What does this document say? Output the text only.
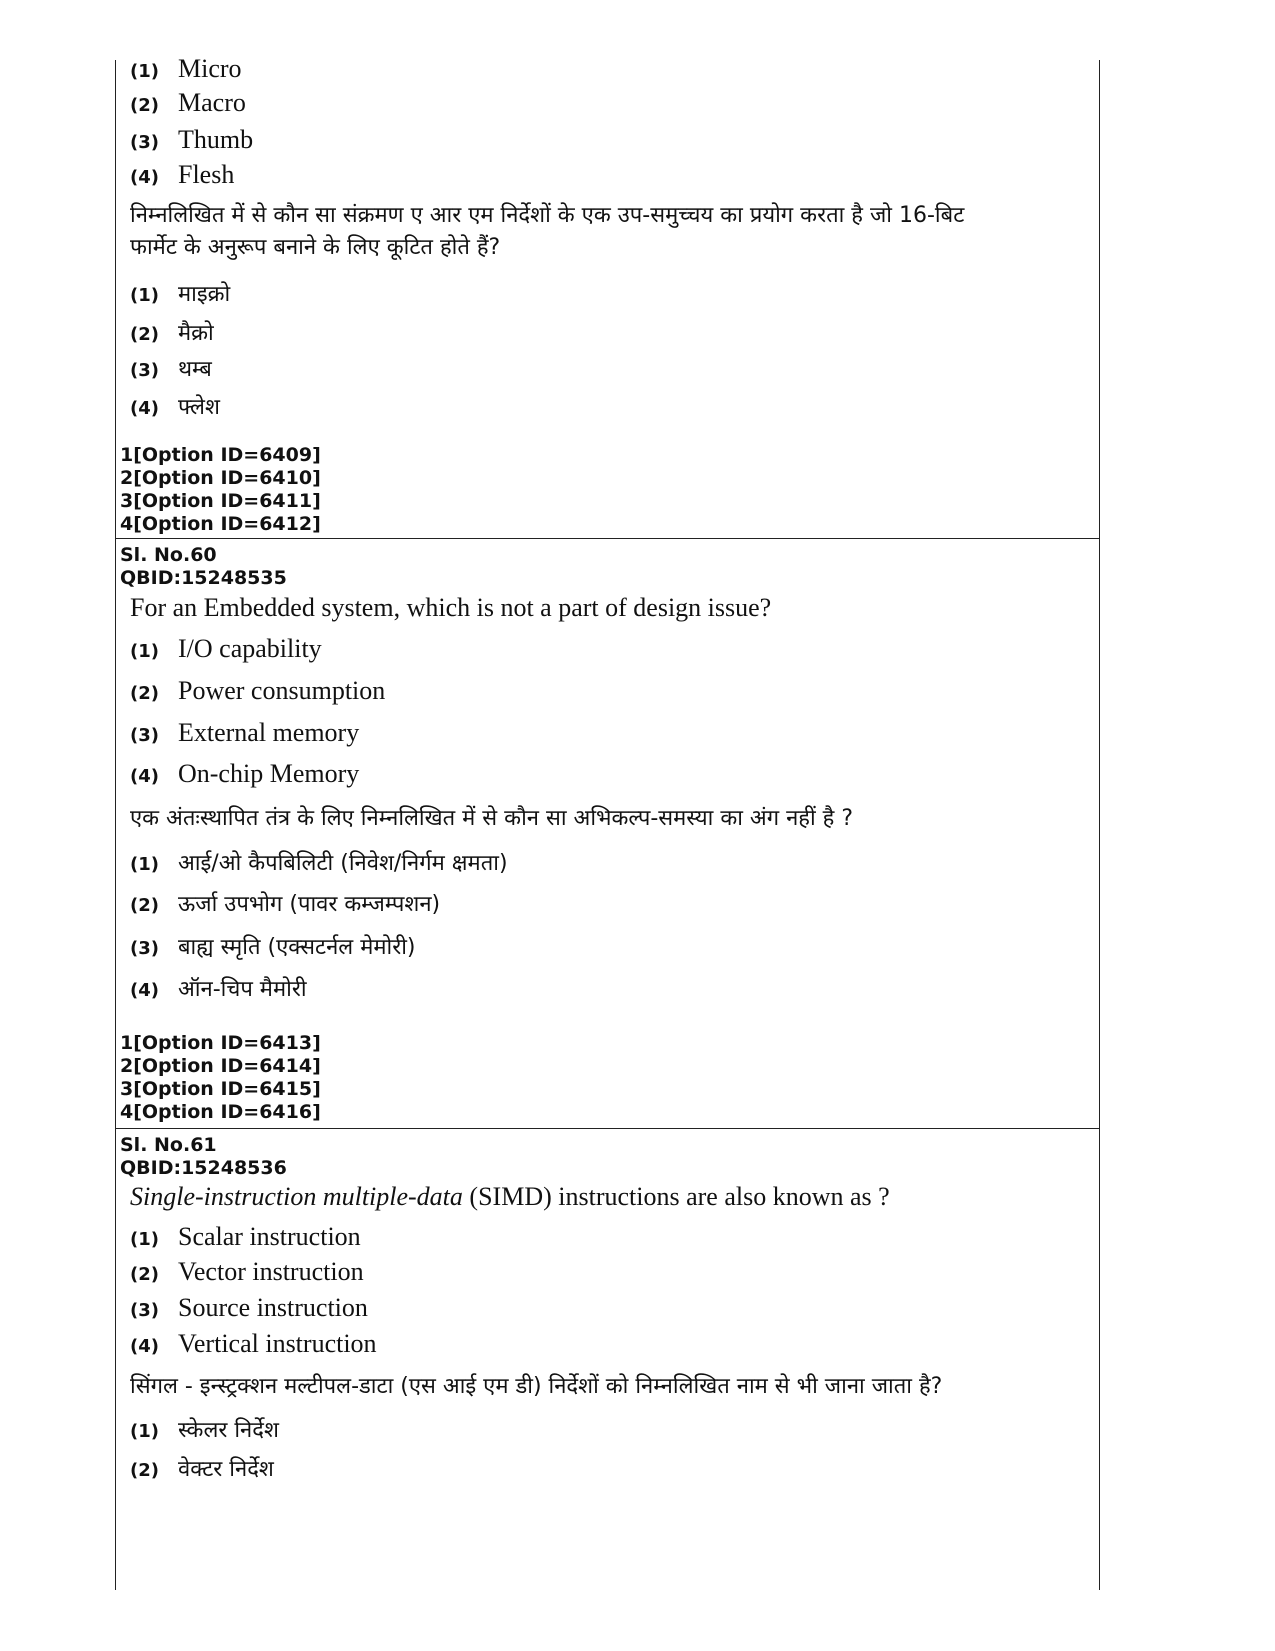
(1) Micro
(2) Macro
(3) Thumb
(4) Flesh
निम्नलिखित में से कौन सा संक्रमण ए आर एम निर्देशों के एक उप-समुच्चय का प्रयोग करता है जो 16-बिट
फार्मेट के अनुरूप बनाने के लिए कूटित होते हैं?
(1) माइक्रो
(2) मैक्रो
(3) थम्ब
(4) फ्लेश
1[Option ID=6409]
2[Option ID=6410]
3[Option ID=6411]
4[Option ID=6412]
Sl. No.60
QBID:15248535
For an Embedded system, which is not a part of design issue?
(1) I/O capability
(2) Power consumption
(3) External memory
(4) On-chip Memory
एक अंतःस्थापित तंत्र के लिए निम्नलिखित में से कौन सा अभिकल्प-समस्या का अंग नहीं है ?
(1) आई/ओ कैपबिलिटी (निवेश/निर्गम क्षमता)
(2) ऊर्जा उपभोग (पावर कम्जम्पशन)
(3) बाह्य स्मृति (एक्सटर्नल मेमोरी)
(4) ऑन-चिप मैमोरी
1[Option ID=6413]
2[Option ID=6414]
3[Option ID=6415]
4[Option ID=6416]
Sl. No.61
QBID:15248536
Single-instruction multiple-data (SIMD) instructions are also known as ?
(1) Scalar instruction
(2) Vector instruction
(3) Source instruction
(4) Vertical instruction
सिंगल - इन्स्ट्रक्शन मल्टीपल-डाटा (एस आई एम डी) निर्देशों को निम्नलिखित नाम से भी जाना जाता है?
(1) स्केलर निर्देश
(2) वेक्टर निर्देश
